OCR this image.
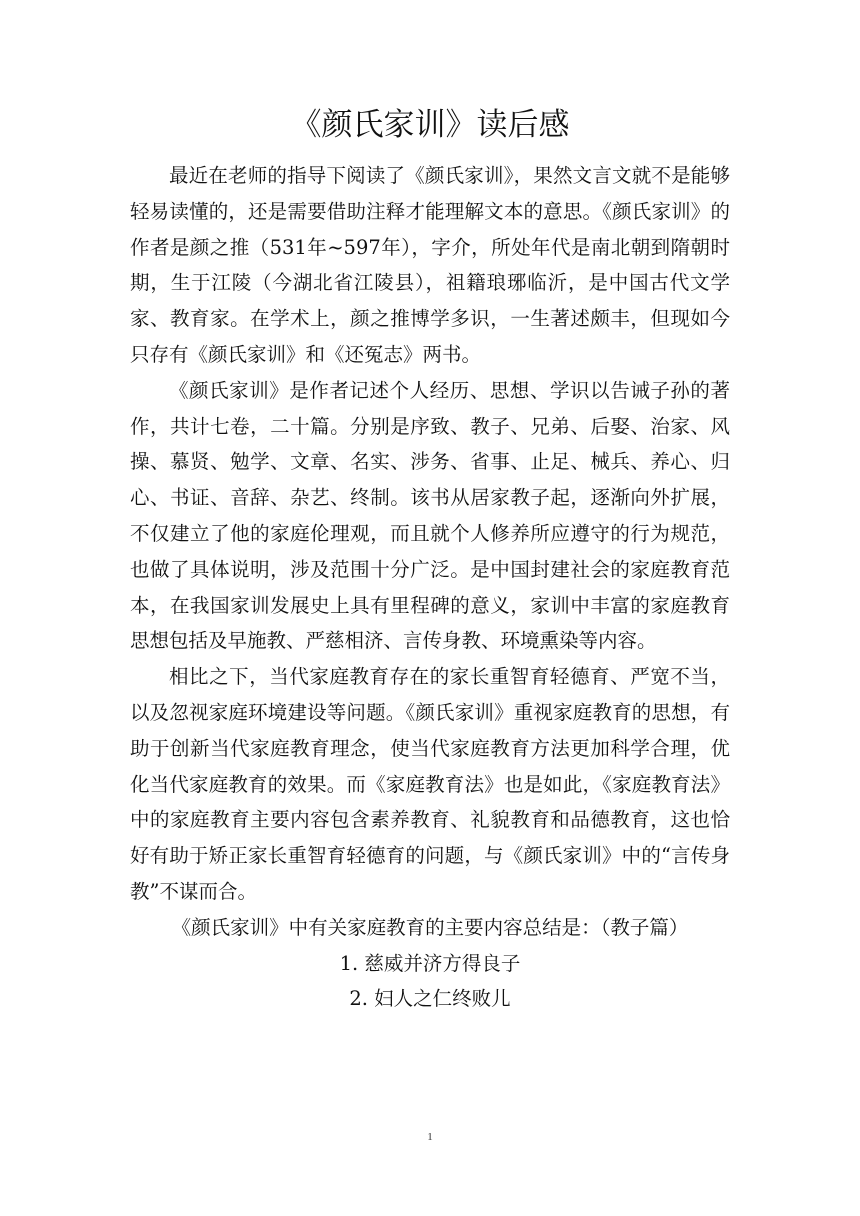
《颜氏家训》读后感

最近在老师的指导下阅读了《颜氏家训》，果然文言文就不是能够轻易读懂的，还是需要借助注释才能理解文本的意思。《颜氏家训》的作者是颜之推（531年~597年），字介，所处年代是南北朝到隋朝时期，生于江陵（今湖北省江陵县），祖籍琅琊临沂，是中国古代文学家、教育家。在学术上，颜之推博学多识，一生著述颇丰，但现如今只存有《颜氏家训》和《还冤志》两书。

《颜氏家训》是作者记述个人经历、思想、学识以告诫子孙的著作，共计七卷，二十篇。分别是序致、教子、兄弟、后娶、治家、风操、慕贤、勉学、文章、名实、涉务、省事、止足、械兵、养心、归心、书证、音辞、杂艺、终制。该书从居家教子起，逐渐向外扩展，不仅建立了他的家庭伦理观，而且就个人修养所应遵守的行为规范，也做了具体说明，涉及范围十分广泛。是中国封建社会的家庭教育范本，在我国家训发展史上具有里程碑的意义，家训中丰富的家庭教育思想包括及早施教、严慈相济、言传身教、环境熏染等内容。

相比之下，当代家庭教育存在的家长重智育轻德育、严宽不当，以及忽视家庭环境建设等问题。《颜氏家训》重视家庭教育的思想，有助于创新当代家庭教育理念，使当代家庭教育方法更加科学合理，优化当代家庭教育的效果。而《家庭教育法》也是如此，《家庭教育法》中的家庭教育主要内容包含素养教育、礼貌教育和品德教育，这也恰好有助于矫正家长重智育轻德育的问题，与《颜氏家训》中的“言传身教”不谋而合。

《颜氏家训》中有关家庭教育的主要内容总结是：（教子篇）

1. 慈威并济方得良子
2. 妇人之仁终败儿
1
